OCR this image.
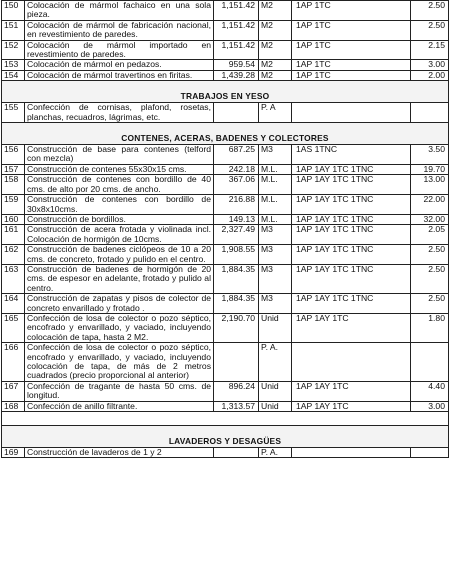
150	Colocación de mármol fachaico en una sola pieza.	1,151.42	M2	1AP 1TC	2.50
151	Colocación de mármol de fabricación nacional, en revestimiento de paredes.	1,151.42	M2	1AP 1TC	2.50
152	Colocación de mármol importado en revestimiento de paredes.	1,151.42	M2	1AP 1TC	2.15
153	Colocación de mármol en pedazos.	959.54	M2	1AP 1TC	3.00
154	Colocación de mármol travertinos en firitas.	1,439.28	M2	1AP 1TC	2.00
TRABAJOS EN YESO					
155	Confección de cornisas, plafond, rosetas, planchas, recuadros, lágrimas, etc.		P. A		
CONTENES, ACERAS, BADENES Y COLECTORES					
156	Construcción de base para contenes (telford con mezcla)	687.25	M3	1AS 1TNC	3.50
157	Construcción de contenes 55x30x15 cms.	242.18	M.L.	1AP 1AY 1TC 1TNC	19.70
158	Construcción de contenes con bordillo de 40 cms. de alto por 20 cms. de ancho.	367.06	M.L.	1AP 1AY 1TC 1TNC	13.00
159	Construcción de contenes con bordillo de 30x8x10cms.	216.88	M.L.	1AP 1AY 1TC 1TNC	22.00
160	Construcción de bordillos.	149.13	M.L.	1AP 1AY 1TC 1TNC	32.00
161	Construcción de acera frotada y violinada incl. Colocación de hormigón de 10cms.	2,327.49	M3	1AP 1AY 1TC 1TNC	2.05
162	Construcción de badenes ciclópeos de 10 a 20 cms. de concreto, frotado y pulido en el centro.	1,908.55	M3	1AP 1AY 1TC 1TNC	2.50
163	Construcción de badenes de hormigón de 20 cms. de espesor en adelante, frotado y pulido al centro.	1,884.35	M3	1AP 1AY 1TC 1TNC	2.50
164	Construcción de zapatas y pisos de colector de concreto envarillado y frotado .	1,884.35	M3	1AP 1AY 1TC 1TNC	2.50
165	Confección de losa de colector o pozo séptico, encofrado y envarillado, y vaciado, incluyendo colocación de tapa, hasta 2 M2.	2,190.70	Unid	1AP 1AY 1TC	1.80
166	Confección de losa de colector o pozo séptico, encofrado y envarillado, y vaciado, incluyendo colocación de tapa, de más de 2 metros cuadrados (precio proporcional al anterior)		P. A.		
167	Confección de tragante de hasta 50 cms. de longitud.	896.24	Unid	1AP 1AY 1TC	4.40
168	Confección de anillo filtrante.	1,313.57	Unid	1AP 1AY 1TC	3.00

LAVADEROS Y DESAGÜES					
169	Construcción de lavaderos de 1 y 2		P. A.		
